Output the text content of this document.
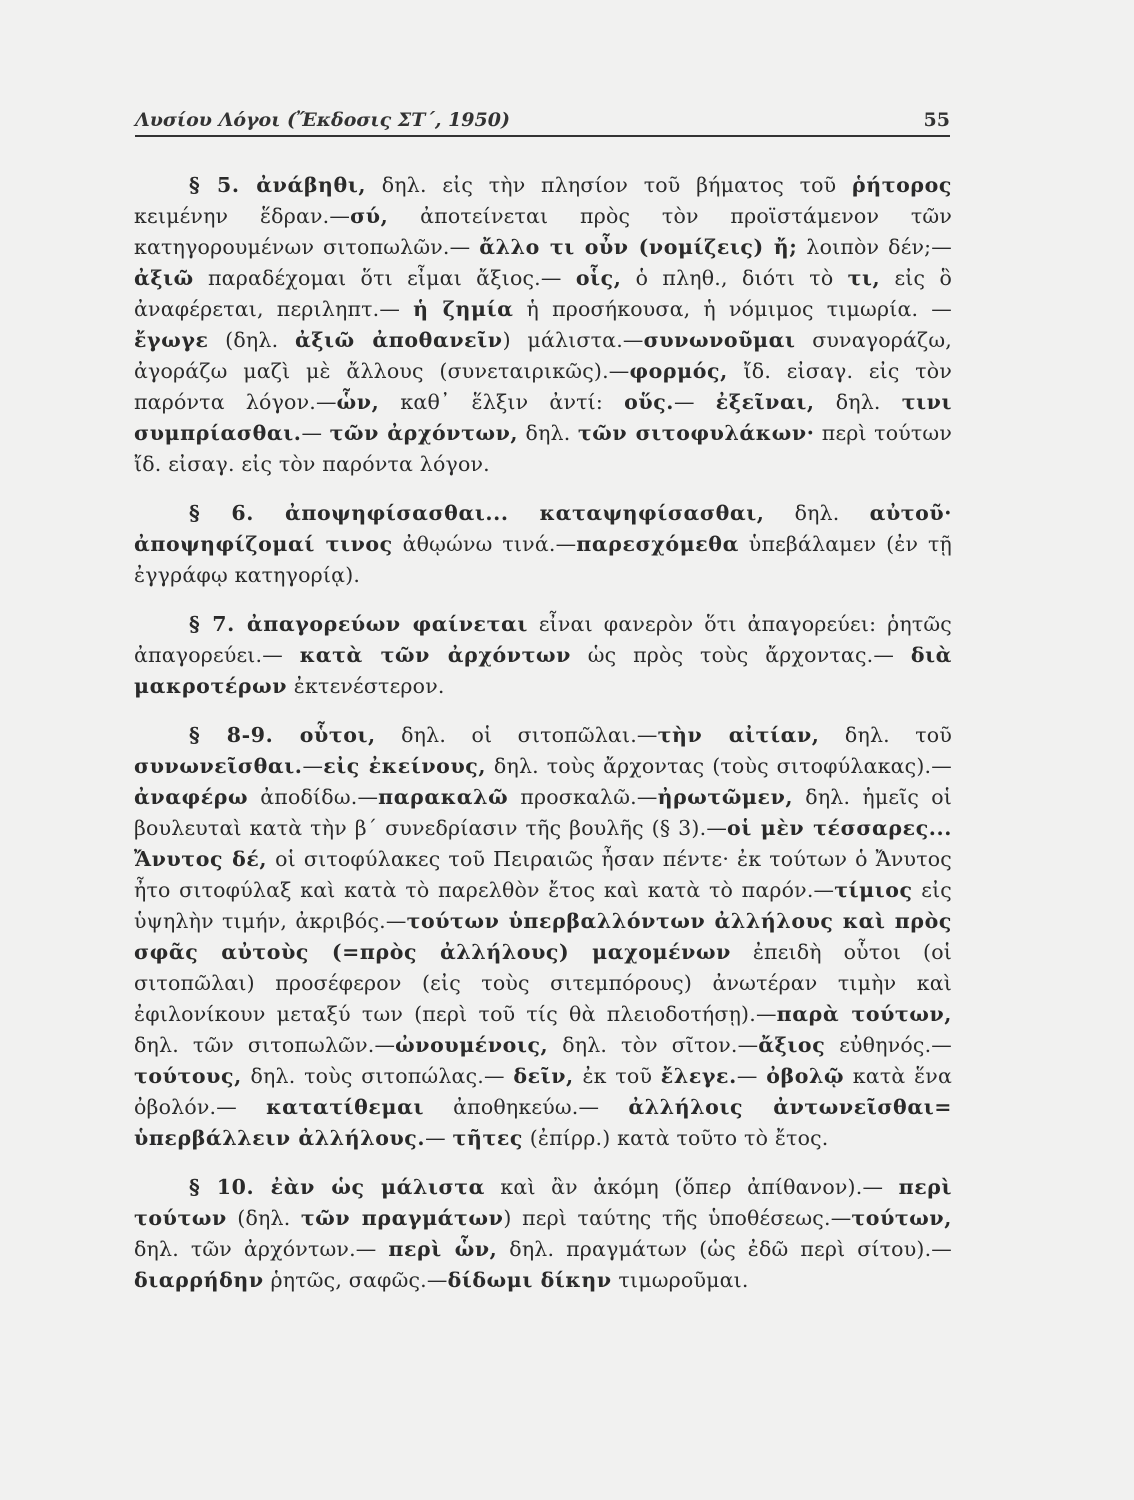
Λυσίου Λόγοι (Ἔκδοσις ΣΤ΄, 1950)	55

§ 5. ἀνάβηθι, δηλ. εἰς τὴν πλησίον τοῦ βήματος τοῦ ῥήτορος κειμένην ἕδραν.—σύ, ἀποτείνεται πρὸς τὸν προϊστάμενον τῶν κατηγορουμένων σιτοπωλῶν.— ἄλλο τι οὖν (νομίζεις) ἤ; λοιπὸν δέν;— ἀξιῶ παραδέχομαι ὅτι εἶμαι ἄξιος.— οἷς, ὁ πληθ., διότι τὸ τι, εἰς ὃ ἀναφέρεται, περιληπτ.— ἡ ζημία ἡ προσήκουσα, ἡ νόμιμος τιμωρία. —ἔγωγε (δηλ. ἀξιῶ ἀποθανεῖν) μάλιστα.—συνωνοῦμαι συναγοράζω, ἀγοράζω μαζὶ μὲ ἄλλους (συνεταιρικῶς).—φορμός, ἴδ. εἰσαγ. εἰς τὸν παρόντα λόγον.—ὧν, καθ᾽ ἕλξιν ἀντί: οὕς.— ἐξεῖναι, δηλ. τινι συμπρίασθαι.— τῶν ἀρχόντων, δηλ. τῶν σιτοφυλάκων· περὶ τούτων ἴδ. εἰσαγ. εἰς τὸν παρόντα λόγον.

§ 6. ἀποψηφίσασθαι... καταψηφίσασθαι, δηλ. αὐτοῦ· ἀποψηφίζομαί τινος ἀθῳώνω τινά.—παρεσχόμεθα ὑπεβάλαμεν (ἐν τῇ ἐγγράφῳ κατηγορίᾳ).

§ 7. ἀπαγορεύων φαίνεται εἶναι φανερὸν ὅτι ἀπαγορεύει: ῥητῶς ἀπαγορεύει.— κατὰ τῶν ἀρχόντων ὡς πρὸς τοὺς ἄρχοντας.— διὰ μακροτέρων ἐκτενέστερον.

§ 8-9. οὗτοι, δηλ. οἱ σιτοπῶλαι.—τὴν αἰτίαν, δηλ. τοῦ συνωνεῖσθαι.—εἰς ἐκείνους, δηλ. τοὺς ἄρχοντας (τοὺς σιτοφύλακας).— ἀναφέρω ἀποδίδω.—παρακαλῶ προσκαλῶ.—ἠρωτῶμεν, δηλ. ἡμεῖς οἱ βουλευταὶ κατὰ τὴν β΄ συνεδρίασιν τῆς βουλῆς (§ 3).—οἱ μὲν τέσσαρες... Ἄνυτος δέ, οἱ σιτοφύλακες τοῦ Πειραιῶς ἦσαν πέντε· ἐκ τούτων ὁ Ἄνυτος ἦτο σιτοφύλαξ καὶ κατὰ τὸ παρελθὸν ἔτος καὶ κατὰ τὸ παρόν.—τίμιος εἰς ὑψηλὴν τιμήν, ἀκριβός.—τούτων ὑπερβαλλόντων ἀλλήλους καὶ πρὸς σφᾶς αὐτοὺς (=πρὸς ἀλλήλους) μαχομένων ἐπειδὴ οὗτοι (οἱ σιτοπῶλαι) προσέφερον (εἰς τοὺς σιτεμπόρους) ἀνωτέραν τιμὴν καὶ ἐφιλονίκουν μεταξύ των (περὶ τοῦ τίς θὰ πλειοδοτήσῃ).—παρὰ τούτων, δηλ. τῶν σιτοπωλῶν.—ὠνουμένοις, δηλ. τὸν σῖτον.—ἄξιος εὐθηνός.— τούτους, δηλ. τοὺς σιτοπώλας.— δεῖν, ἐκ τοῦ ἔλεγε.— ὀβολῷ κατὰ ἕνα ὀβολόν.— κατατίθεμαι ἀποθηκεύω.— ἀλλήλοις ἀντωνεῖσθαι= ὑπερβάλλειν ἀλλήλους.— τῆτες (ἐπίρρ.) κατὰ τοῦτο τὸ ἔτος.

§ 10. ἐὰν ὡς μάλιστα καὶ ἂν ἀκόμη (ὅπερ ἀπίθανον).— περὶ τούτων (δηλ. τῶν πραγμάτων) περὶ ταύτης τῆς ὑποθέσεως.—τούτων, δηλ. τῶν ἀρχόντων.— περὶ ὧν, δηλ. πραγμάτων (ὡς ἐδῶ περὶ σίτου).—διαρρήδην ῥητῶς, σαφῶς.—δίδωμι δίκην τιμωροῦμαι.
